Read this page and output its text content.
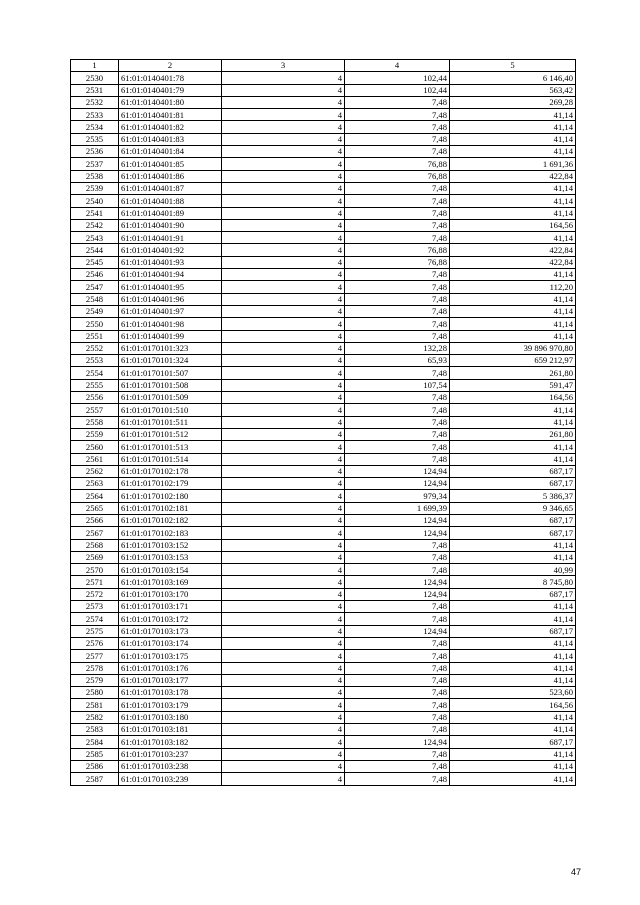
1	2	3	4	5
2530	61:01:0140401:78	4	102,44	6 146,40
2531	61:01:0140401:79	4	102,44	563,42
2532	61:01:0140401:80	4	7,48	269,28
2533	61:01:0140401:81	4	7,48	41,14
2534	61:01:0140401:82	4	7,48	41,14
2535	61:01:0140401:83	4	7,48	41,14
2536	61:01:0140401:84	4	7,48	41,14
2537	61:01:0140401:85	4	76,88	1 691,36
2538	61:01:0140401:86	4	76,88	422,84
2539	61:01:0140401:87	4	7,48	41,14
2540	61:01:0140401:88	4	7,48	41,14
2541	61:01:0140401:89	4	7,48	41,14
2542	61:01:0140401:90	4	7,48	164,56
2543	61:01:0140401:91	4	7,48	41,14
2544	61:01:0140401:92	4	76,88	422,84
2545	61:01:0140401:93	4	76,88	422,84
2546	61:01:0140401:94	4	7,48	41,14
2547	61:01:0140401:95	4	7,48	112,20
2548	61:01:0140401:96	4	7,48	41,14
2549	61:01:0140401:97	4	7,48	41,14
2550	61:01:0140401:98	4	7,48	41,14
2551	61:01:0140401:99	4	7,48	41,14
2552	61:01:0170101:323	4	132,28	39 896 970,80
2553	61:01:0170101:324	4	65,93	659 212,97
2554	61:01:0170101:507	4	7,48	261,80
2555	61:01:0170101:508	4	107,54	591,47
2556	61:01:0170101:509	4	7,48	164,56
2557	61:01:0170101:510	4	7,48	41,14
2558	61:01:0170101:511	4	7,48	41,14
2559	61:01:0170101:512	4	7,48	261,80
2560	61:01:0170101:513	4	7,48	41,14
2561	61:01:0170101:514	4	7,48	41,14
2562	61:01:0170102:178	4	124,94	687,17
2563	61:01:0170102:179	4	124,94	687,17
2564	61:01:0170102:180	4	979,34	5 386,37
2565	61:01:0170102:181	4	1 699,39	9 346,65
2566	61:01:0170102:182	4	124,94	687,17
2567	61:01:0170102:183	4	124,94	687,17
2568	61:01:0170103:152	4	7,48	41,14
2569	61:01:0170103:153	4	7,48	41,14
2570	61:01:0170103:154	4	7,48	40,99
2571	61:01:0170103:169	4	124,94	8 745,80
2572	61:01:0170103:170	4	124,94	687,17
2573	61:01:0170103:171	4	7,48	41,14
2574	61:01:0170103:172	4	7,48	41,14
2575	61:01:0170103:173	4	124,94	687,17
2576	61:01:0170103:174	4	7,48	41,14
2577	61:01:0170103:175	4	7,48	41,14
2578	61:01:0170103:176	4	7,48	41,14
2579	61:01:0170103:177	4	7,48	41,14
2580	61:01:0170103:178	4	7,48	523,60
2581	61:01:0170103:179	4	7,48	164,56
2582	61:01:0170103:180	4	7,48	41,14
2583	61:01:0170103:181	4	7,48	41,14
2584	61:01:0170103:182	4	124,94	687,17
2585	61:01:0170103:237	4	7,48	41,14
2586	61:01:0170103:238	4	7,48	41,14
2587	61:01:0170103:239	4	7,48	41,14
47
